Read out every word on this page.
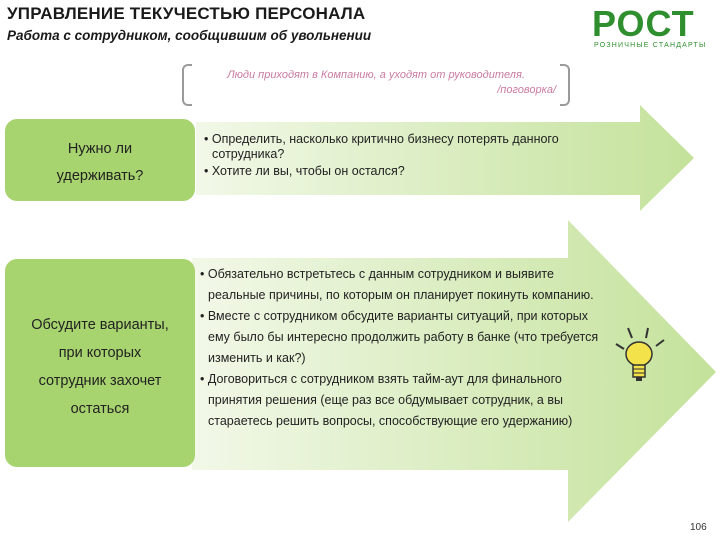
УПРАВЛЕНИЕ ТЕКУЧЕСТЬЮ ПЕРСОНАЛА
Работа с сотрудником, сообщившим об увольнении	РОСТ
РОЗНИЧНЫЕ СТАНДАРТЫ
Люди приходят в Компанию, а уходят от руководителя.
/поговорка/
Нужно ли
удерживать?
• Определить, насколько критично бизнесу потерять данного сотрудника?
• Хотите ли вы, чтобы он остался?
Обсудите варианты,
при которых
сотрудник захочет
остаться
• Обязательно встретьтесь с данным сотрудником и выявите реальные причины, по которым он планирует покинуть компанию.
• Вместе с сотрудником обсудите варианты ситуаций, при которых ему было бы интересно продолжить работу в банке (что требуется изменить и как?)
• Договориться с сотрудником взять тайм-аут для финального принятия решения (еще раз все обдумывает сотрудник, а вы стараетесь решить вопросы, способствующие его удержанию)
106
